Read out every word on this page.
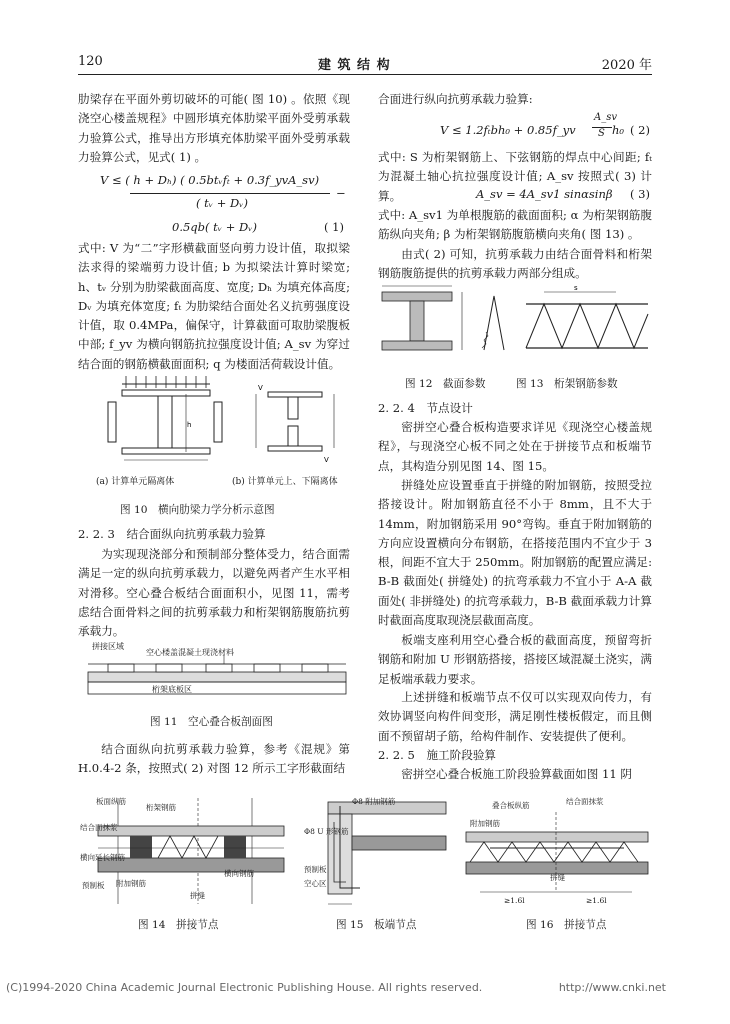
120	建 筑 结 构	2020 年

肋梁存在平面外剪切破坏的可能( 图 10) 。依照《现浇空心楼盖规程》中圆形填充体肋梁平面外受剪承载力验算公式，推导出方形填充体肋梁平面外受剪承载力验算公式，见式( 1) 。

V ≤ ( h + Dₕ) ( 0.5btᵥfₜ + 0.3f_yvA_sv)
( tᵥ + Dᵥ)
−
0.5qb( tᵥ + Dᵥ)	( 1)

式中: V 为“二”字形横截面竖向剪力设计值，取拟梁法求得的梁端剪力设计值; b 为拟梁法计算时梁宽; h、tᵥ 分别为肋梁截面高度、宽度; Dₕ 为填充体高度; Dᵥ 为填充体宽度; fₜ 为肋梁结合面处名义抗剪强度设计值，取 0.4MPa，偏保守，计算截面可取肋梁腹板中部; f_yv 为横向钢筋抗拉强度设计值; A_sv 为穿过结合面的钢筋横截面面积; q 为楼面活荷载设计值。

h
V
V
(a) 计算单元隔离体	(b) 计算单元上、下隔离体
图 10　横向肋梁力学分析示意图
2. 2. 3　结合面纵向抗剪承载力验算

为实现现浇部分和预制部分整体受力，结合面需满足一定的纵向抗剪承载力，以避免两者产生水平相对滑移。空心叠合板结合面面积小，见图 11，需考虑结合面骨料之间的抗剪承载力和桁架钢筋腹筋抗剪承载力。

拼接区域
空心楼盖混凝土现浇材料
桁架底板区
图 11　空心叠合板剖面图

结合面纵向抗剪承载力验算，参考《混规》第 H.0.4-2 条，按照式( 2) 对图 12 所示工字形截面结

合面进行纵向抗剪承载力验算:
V ≤ 1.2fₜbh₀ + 0.85f_yv
A_sv
S h₀ ( 2)
式中: S 为桁架钢筋上、下弦钢筋的焊点中心间距; fₜ 为混凝土轴心抗拉强度设计值; A_sv 按照式( 3) 计算。	A_sv = 4A_sv1 sinαsinβ ( 3)
式中: A_sv1 为单根腹筋的截面面积; α 为桁架钢筋腹筋纵向夹角; β 为桁架钢筋腹筋横向夹角( 图 13) 。
由式( 2) 可知，抗剪承载力由结合面骨料和桁架钢筋腹筋提供的抗剪承载力两部分组成。
s
图 12　截面参数	图 13　桁架钢筋参数
2. 2. 4　节点设计
密拼空心叠合板构造要求详见《现浇空心楼盖规程》，与现浇空心板不同之处在于拼接节点和板端节点，其构造分别见图 14、图 15。
拼缝处应设置垂直于拼缝的附加钢筋，按照受拉搭接设计。附加钢筋直径不小于 8mm，且不大于 14mm，附加钢筋采用 90°弯钩。垂直于附加钢筋的方向应设置横向分布钢筋，在搭接范围内不宜少于 3 根，间距不宜大于 250mm。附加钢筋的配置应满足: B-B 截面处( 拼缝处) 的抗弯承载力不宜小于 A-A 截面处( 非拼缝处) 的抗弯承载力，B-B 截面承载力计算时截面高度取现浇层截面高度。
板端支座利用空心叠合板的截面高度，预留弯折钢筋和附加 U 形钢筋搭接，搭接区域混凝土浇实，满足板端承载力要求。
上述拼缝和板端节点不仅可以实现双向传力，有效协调竖向构件间变形，满足刚性楼板假定，而且侧面不预留胡子筋，给构件制作、安装提供了便利。
2. 2. 5　施工阶段验算
密拼空心叠合板施工阶段验算截面如图 11 阴
板面纵筋
桁架钢筋
结合面抹浆
横向延长钢筋
附加钢筋
横向钢筋
拼缝
预制板
图 14　拼接节点
Φ8 附加钢筋
Φ8 U 形钢筋
预制板
空心区
图 15　板端节点
叠合板纵筋	结合面抹浆
附加钢筋
拼缝
≥1.6l	≥1.6l
图 16　拼接节点
(C)1994-2020 China Academic Journal Electronic Publishing House. All rights reserved.	http://www.cnki.net
